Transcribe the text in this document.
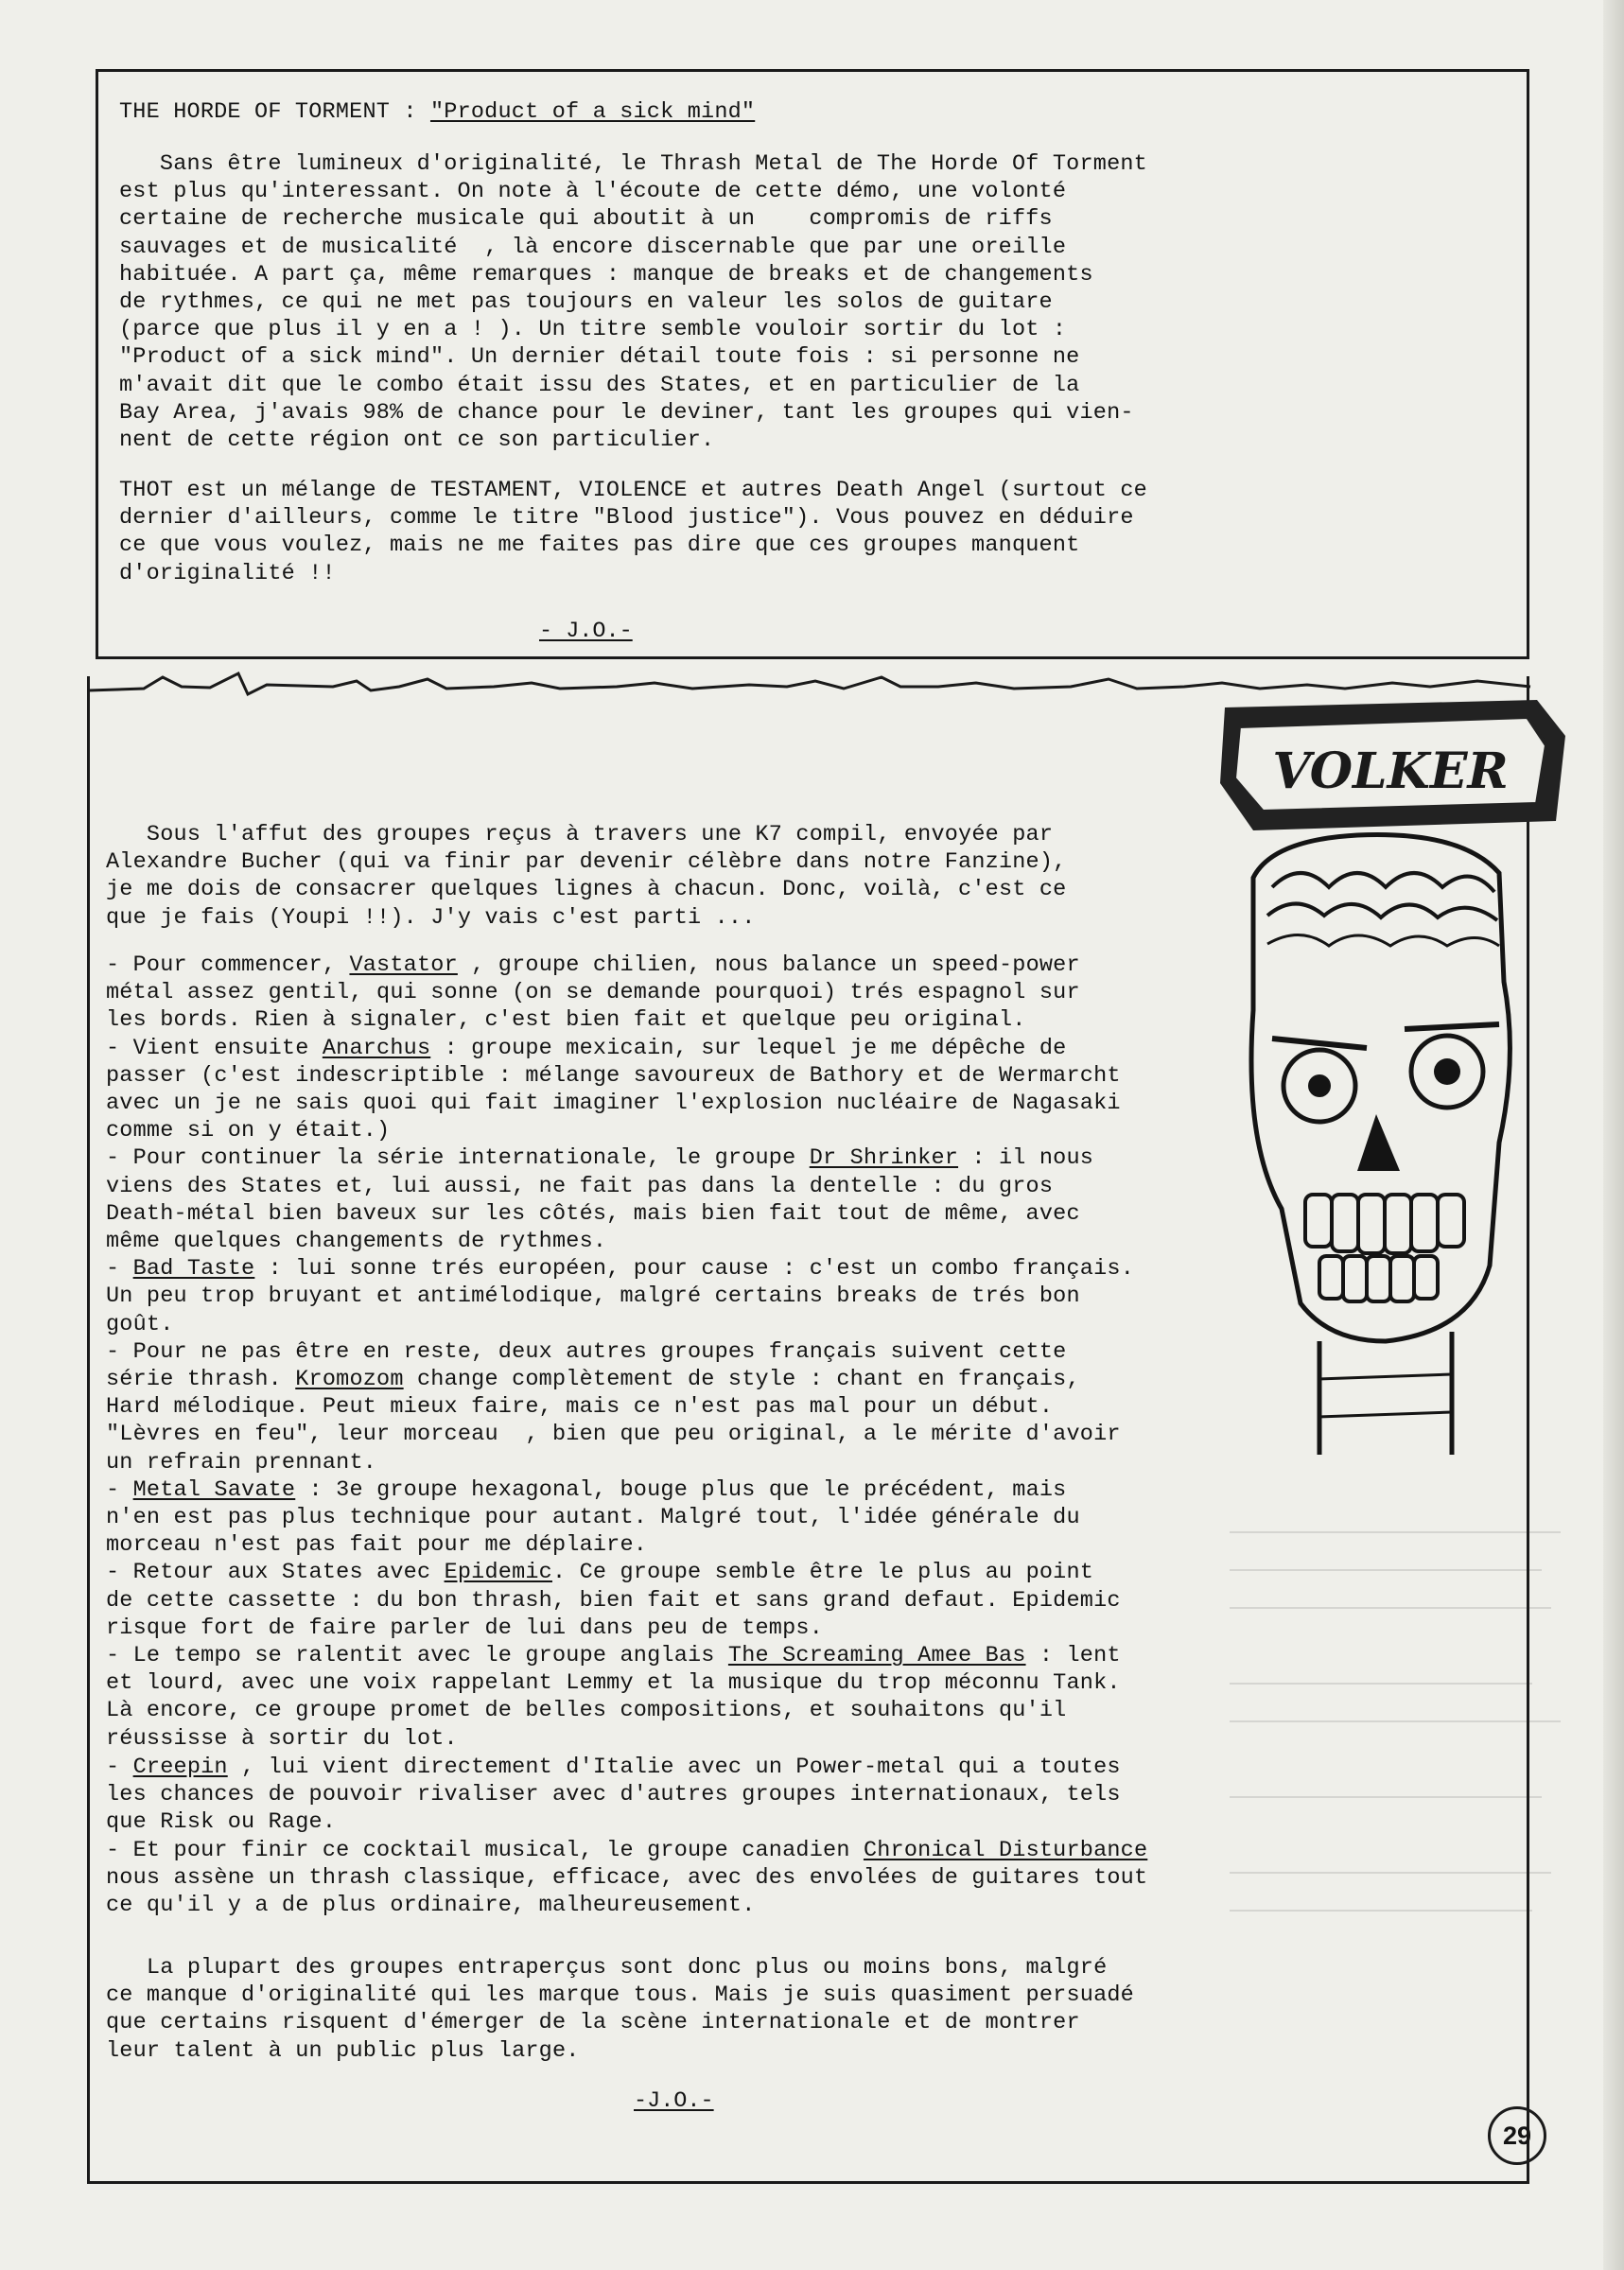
THE HORDE OF TORMENT : "Product of a sick mind"
Sans être lumineux d'originalité, le Thrash Metal de The Horde Of Torment
est plus qu'interessant. On note à l'écoute de cette démo, une volonté
certaine de recherche musicale qui aboutit à un    compromis de riffs
sauvages et de musicalité  , là encore discernable que par une oreille
habituée. A part ça, même remarques : manque de breaks et de changements
de rythmes, ce qui ne met pas toujours en valeur les solos de guitare
(parce que plus il y en a ! ). Un titre semble vouloir sortir du lot :
"Product of a sick mind". Un dernier détail toute fois : si personne ne
m'avait dit que le combo était issu des States, et en particulier de la
Bay Area, j'avais 98% de chance pour le deviner, tant les groupes qui vien-
nent de cette région ont ce son particulier.
THOT est un mélange de TESTAMENT, VIOLENCE et autres Death Angel (surtout ce
dernier d'ailleurs, comme le titre "Blood justice"). Vous pouvez en déduire
ce que vous voulez, mais ne me faites pas dire que ces groupes manquent
d'originalité !!
- J.O.-
Sous l'affut des groupes reçus à travers une K7 compil, envoyée par
Alexandre Bucher (qui va finir par devenir célèbre dans notre Fanzine),
je me dois de consacrer quelques lignes à chacun. Donc, voilà, c'est ce
que je fais (Youpi !!). J'y vais c'est parti ...
- Pour commencer, Vastator , groupe chilien, nous balance un speed-power
métal assez gentil, qui sonne (on se demande pourquoi) trés espagnol sur
les bords. Rien à signaler, c'est bien fait et quelque peu original.
- Vient ensuite Anarchus : groupe mexicain, sur lequel je me dépêche de
passer (c'est indescriptible : mélange savoureux de Bathory et de Wermarcht
avec un je ne sais quoi qui fait imaginer l'explosion nucléaire de Nagasaki
comme si on y était.)
- Pour continuer la série internationale, le groupe Dr Shrinker : il nous
viens des States et, lui aussi, ne fait pas dans la dentelle : du gros
Death-métal bien baveux sur les côtés, mais bien fait tout de même, avec
même quelques changements de rythmes.
- Bad Taste : lui sonne trés européen, pour cause : c'est un combo français.
Un peu trop bruyant et antimélodique, malgré certains breaks de trés bon
goût.
- Pour ne pas être en reste, deux autres groupes français suivent cette
série thrash. Kromozom change complètement de style : chant en français,
Hard mélodique. Peut mieux faire, mais ce n'est pas mal pour un début.
"Lèvres en feu", leur morceau  , bien que peu original, a le mérite d'avoir
un refrain prennant.
- Metal Savate : 3e groupe hexagonal, bouge plus que le précédent, mais
n'en est pas plus technique pour autant. Malgré tout, l'idée générale du
morceau n'est pas fait pour me déplaire.
- Retour aux States avec Epidemic. Ce groupe semble être le plus au point
de cette cassette : du bon thrash, bien fait et sans grand defaut. Epidemic
risque fort de faire parler de lui dans peu de temps.
- Le tempo se ralentit avec le groupe anglais The Screaming Amee Bas : lent
et lourd, avec une voix rappelant Lemmy et la musique du trop méconnu Tank.
Là encore, ce groupe promet de belles compositions, et souhaitons qu'il
réussisse à sortir du lot.
- Creepin , lui vient directement d'Italie avec un Power-metal qui a toutes
les chances de pouvoir rivaliser avec d'autres groupes internationaux, tels
que Risk ou Rage.
- Et pour finir ce cocktail musical, le groupe canadien Chronical Disturbance
nous assène un thrash classique, efficace, avec des envolées de guitares tout
ce qu'il y a de plus ordinaire, malheureusement.
La plupart des groupes entraperçus sont donc plus ou moins bons, malgré
ce manque d'originalité qui les marque tous. Mais je suis quasiment persuadé
que certains risquent d'émerger de la scène internationale et de montrer
leur talent à un public plus large.
-J.O.-
VOLKER
29
